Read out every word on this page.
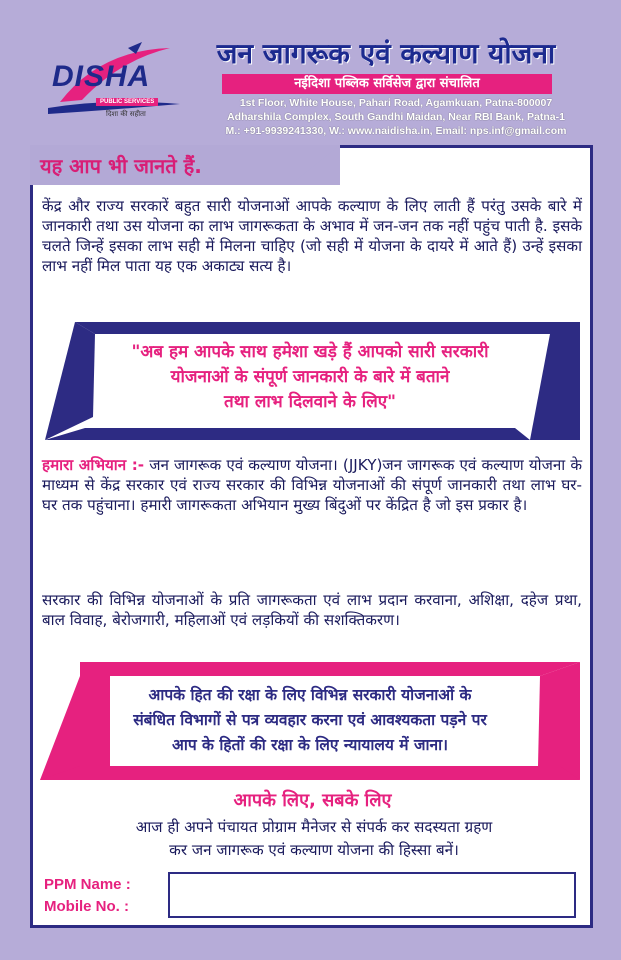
DISHA
PUBLIC SERVICES
दिशा की सहीता
जन जागरूक एवं कल्याण योजना
नईदिशा पब्लिक सर्विसेज द्वारा संचालित
1st Floor, White House, Pahari Road, Agamkuan, Patna-800007
Adharshila Complex, South Gandhi Maidan, Near RBI Bank, Patna-1
M.: +91-9939241330, W.: www.naidisha.in, Email: nps.inf@gmail.com
यह आप भी जानते हैं.
केंद्र और राज्य सरकारें बहुत सारी योजनाओं आपके कल्याण के लिए लाती हैं परंतु उसके बारे में जानकारी तथा उस योजना का लाभ जागरूकता के अभाव में जन-जन तक नहीं पहुंच पाती है. इसके चलते जिन्हें इसका लाभ सही में मिलना चाहिए (जो सही में योजना के दायरे में आते हैं) उन्हें इसका लाभ नहीं मिल पाता यह एक अकाट्य सत्य है।
"अब हम आपके साथ हमेशा खड़े हैं आपको सारी सरकारी
योजनाओं के संपूर्ण जानकारी के बारे में बताने
तथा लाभ दिलवाने के लिए"
हमारा अभियान :- जन जागरूक एवं कल्याण योजना। (JJKY)जन जागरूक एवं कल्याण योजना के माध्यम से केंद्र सरकार एवं राज्य सरकार की विभिन्न योजनाओं की संपूर्ण जानकारी तथा लाभ घर-घर तक पहुंचाना। हमारी जागरूकता अभियान मुख्य बिंदुओं पर केंद्रित है जो इस प्रकार है।
सरकार की विभिन्न योजनाओं के प्रति जागरूकता एवं लाभ प्रदान करवाना, अशिक्षा, दहेज प्रथा, बाल विवाह, बेरोजगारी, महिलाओं एवं लड़कियों की सशक्तिकरण।
आपके हित की रक्षा के लिए विभिन्न सरकारी योजनाओं के
संबंधित विभागों से पत्र व्यवहार करना एवं आवश्यकता पड़ने पर
आप के हितों की रक्षा के लिए न्यायालय में जाना।
आपके लिए, सबके लिए
आज ही अपने पंचायत प्रोग्राम मैनेजर से संपर्क कर सदस्यता ग्रहण
कर जन जागरूक एवं कल्याण योजना की हिस्सा बनें।
PPM Name :
Mobile No. :
